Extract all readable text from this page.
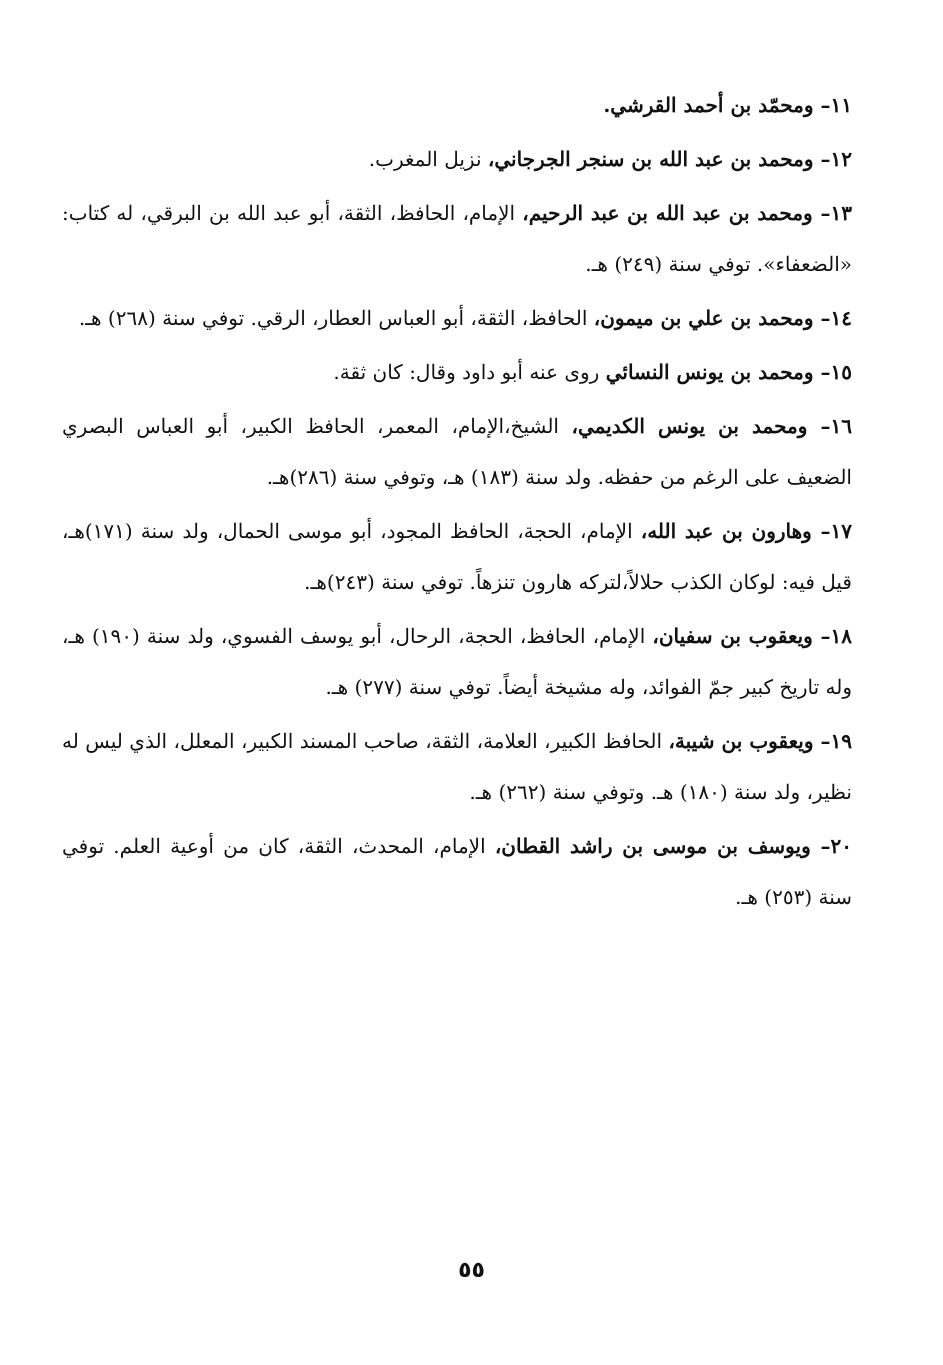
١١– ومحمّد بن أحمد القرشي.

١٢– ومحمد بن عبد الله بن سنجر الجرجاني، نزيل المغرب.

١٣– ومحمد بن عبد الله بن عبد الرحيم، الإمام، الحافظ، الثقة، أبو عبد الله بن البرقي، له كتاب: «الضعفاء». توفي سنة (٢٤٩) هـ.

١٤– ومحمد بن علي بن ميمون، الحافظ، الثقة، أبو العباس العطار، الرقي. توفي سنة (٢٦٨) هـ.

١٥– ومحمد بن يونس النسائي روى عنه أبو داود وقال: كان ثقة.

١٦– ومحمد بن يونس الكديمي، الشيخ،الإمام، المعمر، الحافظ الكبير، أبو العباس البصري الضعيف على الرغم من حفظه. ولد سنة (١٨٣) هـ، وتوفي سنة (٢٨٦)هـ.

١٧– وهارون بن عبد الله، الإمام، الحجة، الحافظ المجود، أبو موسى الحمال، ولد سنة (١٧١)هـ، قيل فيه: لوكان الكذب حلالاً،لتركه هارون تنزهاً. توفي سنة (٢٤٣)هـ.

١٨– ويعقوب بن سفيان، الإمام، الحافظ، الحجة، الرحال، أبو يوسف الفسوي، ولد سنة (١٩٠) هـ، وله تاريخ كبير جمّ الفوائد، وله مشيخة أيضاً. توفي سنة (٢٧٧) هـ.

١٩– ويعقوب بن شيبة، الحافظ الكبير، العلامة، الثقة، صاحب المسند الكبير، المعلل، الذي ليس له نظير، ولد سنة (١٨٠) هـ. وتوفي سنة (٢٦٢) هـ.

٢٠– ويوسف بن موسى بن راشد القطان، الإمام، المحدث، الثقة، كان من أوعية العلم. توفي سنة (٢٥٣) هـ.

٥٥
